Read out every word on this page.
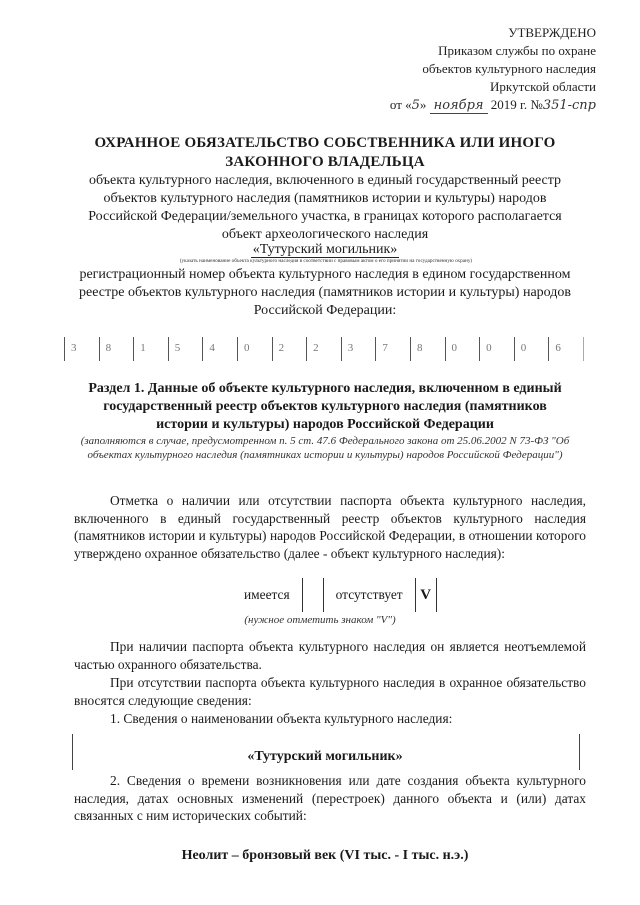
УТВЕРЖДЕНО
Приказом службы по охране
объектов культурного наследия
Иркутской области
от «5» ноября 2019 г. №351-спр
ОХРАННОЕ ОБЯЗАТЕЛЬСТВО СОБСТВЕННИКА ИЛИ ИНОГО ЗАКОННОГО ВЛАДЕЛЬЦА
объекта культурного наследия, включенного в единый государственный реестр объектов культурного наследия (памятников истории и культуры) народов Российской Федерации/земельного участка, в границах которого располагается объект археологического наследия
«Тутурский могильник»
(указать наименование объекта культурного наследия в соответствии с правовым актом о его принятии на государственную охрану)
регистрационный номер объекта культурного наследия в едином государственном реестре объектов культурного наследия (памятников истории и культуры) народов Российской Федерации:
3	8	1	5	4	0	2	2	3	7	8	0	0	0	6
Раздел 1. Данные об объекте культурного наследия, включенном в единый государственный реестр объектов культурного наследия (памятников истории и культуры) народов Российской Федерации
(заполняются в случае, предусмотренном п. 5 ст. 47.6 Федерального закона от 25.06.2002 N 73-ФЗ "Об объектах культурного наследия (памятниках истории и культуры) народов Российской Федерации")
Отметка о наличии или отсутствии паспорта объекта культурного наследия, включенного в единый государственный реестр объектов культурного наследия (памятников истории и культуры) народов Российской Федерации, в отношении которого утверждено охранное обязательство (далее - объект культурного наследия):
имеется	отсутствует	V
(нужное отметить знаком "V")
При наличии паспорта объекта культурного наследия он является неотъемлемой частью охранного обязательства.
При отсутствии паспорта объекта культурного наследия в охранное обязательство вносятся следующие сведения:
1. Сведения о наименовании объекта культурного наследия:
«Тутурский могильник»
2. Сведения о времени возникновения или дате создания объекта культурного наследия, датах основных изменений (перестроек) данного объекта и (или) датах связанных с ним исторических событий:
Неолит – бронзовый век (VI тыс. - I тыс. н.э.)
